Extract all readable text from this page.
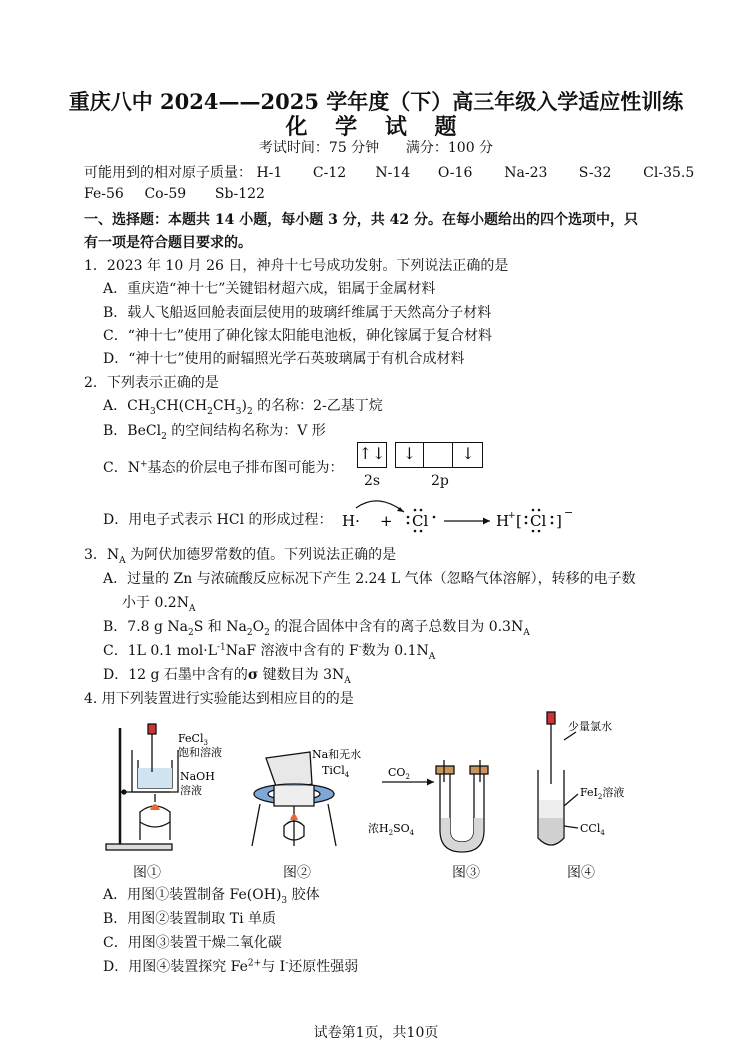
重庆八中 2024——2025 学年度（下）高三年级入学适应性训练
化 学 试 题
考试时间：75 分钟 满分：100 分
可能用到的相对原子质量： H-1 C-12 N-14 O-16 Na-23 S-32 Cl-35.5
Fe-56 Co-59 Sb-122
一、选择题：本题共 14 小题，每小题 3 分，共 42 分。在每小题给出的四个选项中，只
有一项是符合题目要求的。
1．2023 年 10 月 26 日，神舟十七号成功发射。下列说法正确的是
A．重庆造“神十七”关键铝材超六成，铝属于金属材料
B．载人飞船返回舱表面层使用的玻璃纤维属于天然高分子材料
C．“神十七”使用了砷化镓太阳能电池板，砷化镓属于复合材料
D．“神十七”使用的耐辐照光学石英玻璃属于有机合成材料
2．下列表示正确的是
A．$CH_3CH(CH_2CH_3)_2$ 的名称：2-乙基丁烷
B．BeCl$_2$ 的空间结构名称为：V 形
C．N+基态的价层电子排布图可能为：
↑↓	↓	↓
2s	2p
D．用电子式表示 HCl 的形成过程： H· + Cl	H
+ [ Cl ] −
3．$N_A$ 为阿伏加德罗常数的值。下列说法正确的是
A．过量的 Zn 与浓硫酸反应标况下产生 2.24 L 气体（忽略气体溶解），转移的电子数
小于 $0.2N_A$
B．7.8 g $Na_2S$ 和 $Na_2O_2$ 的混合固体中含有的离子总数目为 $0.3N_A$
C．1L 0.1 $mol\cdot L^{-1}NaF$ 溶液中含有的 F-数为 $0.1N_A$
D．12 g 石墨中含有的σ 键数目为 $3N_A$
4. 用下列装置进行实验能达到相应目的的是
FeCl$_3$
饱和溶液
NaOH
溶液
Na和无水
TiCl$_4$	$CO_2$
浓$H_2SO_4$
少量氯水
FeI$_2$溶液
CCl$_4$
图①	图②	图③	图④
A．用图①装置制备 $Fe(OH)_3$ 胶体
B．用图②装置制取 Ti 单质
C．用图③装置干燥二氧化碳
D．用图④装置探究 $Fe^{2+}$与 I-还原性强弱
试卷第1页，共10页
